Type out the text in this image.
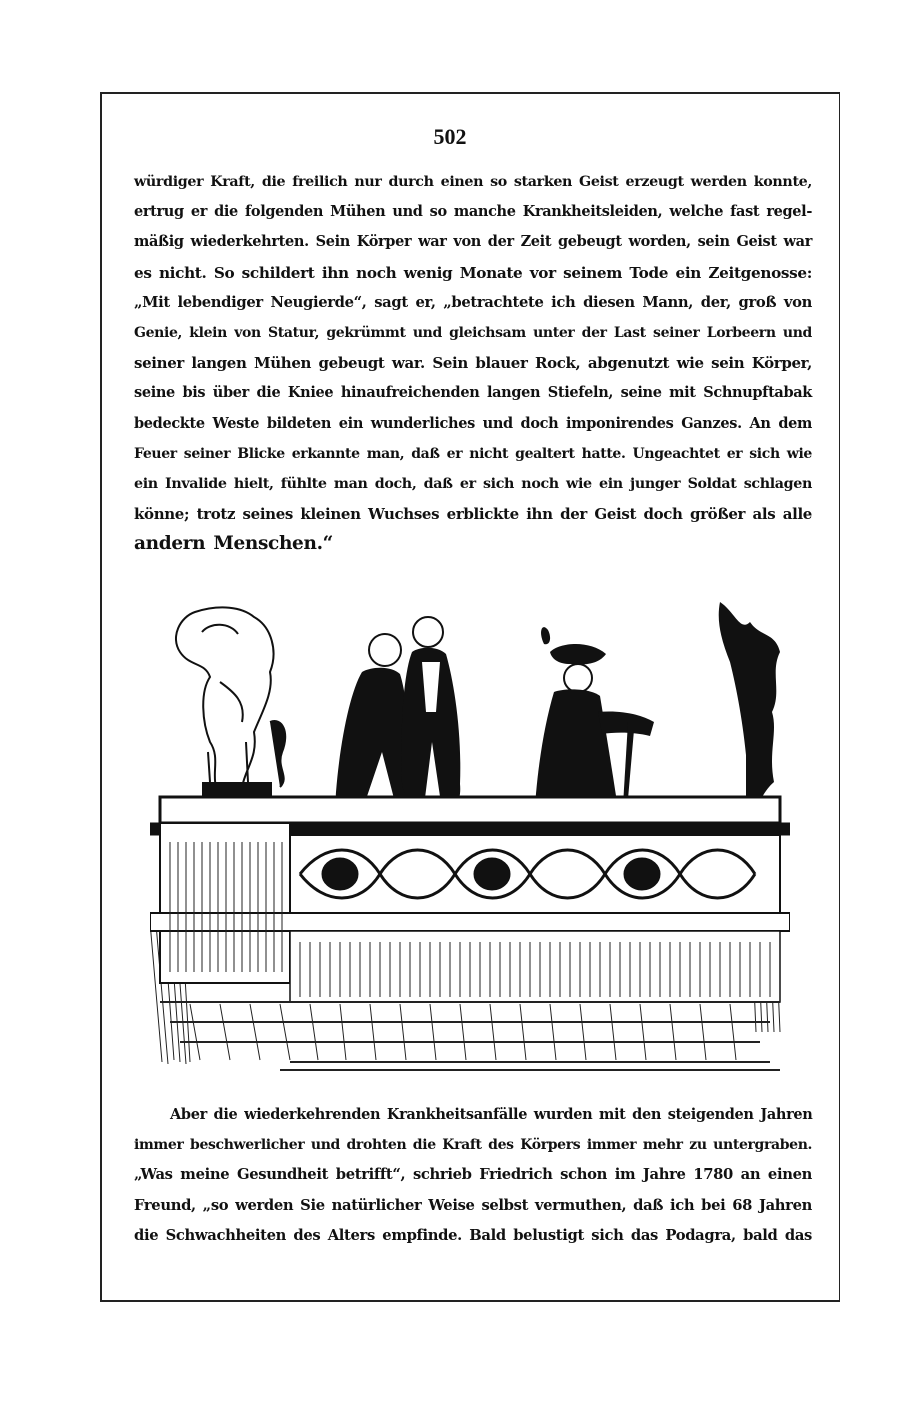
502

würdiger Kraft, die freilich nur durch einen so starken Geist erzeugt werden konnte,
ertrug er die folgenden Mühen und so manche Krankheitsleiden, welche fast regel-
mäßig wiederkehrten. Sein Körper war von der Zeit gebeugt worden, sein Geist war
es nicht. So schildert ihn noch wenig Monate vor seinem Tode ein Zeitgenosse:
„Mit lebendiger Neugierde“, sagt er, „betrachtete ich diesen Mann, der, groß von
Genie, klein von Statur, gekrümmt und gleichsam unter der Last seiner Lorbeern und
seiner langen Mühen gebeugt war. Sein blauer Rock, abgenutzt wie sein Körper,
seine bis über die Kniee hinaufreichenden langen Stiefeln, seine mit Schnupftabak
bedeckte Weste bildeten ein wunderliches und doch imponirendes Ganzes. An dem
Feuer seiner Blicke erkannte man, daß er nicht gealtert hatte. Ungeachtet er sich wie
ein Invalide hielt, fühlte man doch, daß er sich noch wie ein junger Soldat schlagen
könne; trotz seines kleinen Wuchses erblickte ihn der Geist doch größer als alle
andern Menschen.“

Aber die wiederkehrenden Krankheitsanfälle wurden mit den steigenden Jahren
immer beschwerlicher und drohten die Kraft des Körpers immer mehr zu untergraben.
„Was meine Gesundheit betrifft“, schrieb Friedrich schon im Jahre 1780 an einen
Freund, „so werden Sie natürlicher Weise selbst vermuthen, daß ich bei 68 Jahren
die Schwachheiten des Alters empfinde. Bald belustigt sich das Podagra, bald das
